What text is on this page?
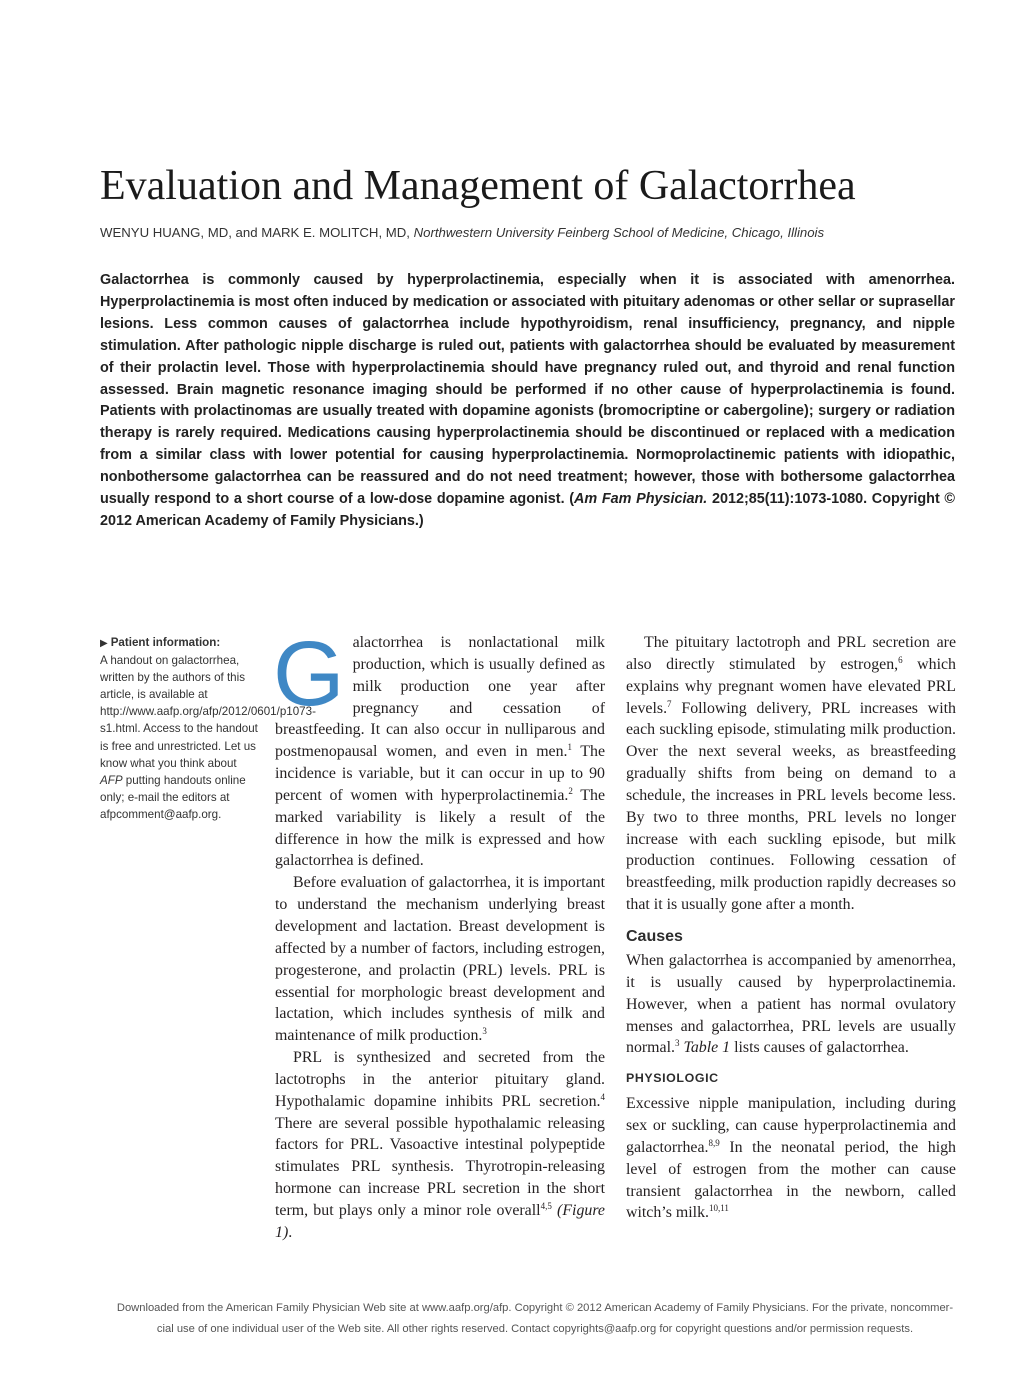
Evaluation and Management of Galactorrhea
WENYU HUANG, MD, and MARK E. MOLITCH, MD, Northwestern University Feinberg School of Medicine, Chicago, Illinois

Galactorrhea is commonly caused by hyperprolactinemia, especially when it is associated with amenorrhea. Hyperprolactinemia is most often induced by medication or associated with pituitary adenomas or other sellar or suprasellar lesions. Less common causes of galactorrhea include hypothyroidism, renal insufficiency, pregnancy, and nipple stimulation. After pathologic nipple discharge is ruled out, patients with galactorrhea should be evaluated by measurement of their prolactin level. Those with hyperprolactinemia should have pregnancy ruled out, and thyroid and renal function assessed. Brain magnetic resonance imaging should be performed if no other cause of hyperprolactinemia is found. Patients with prolactinomas are usually treated with dopamine agonists (bromocriptine or cabergoline); surgery or radiation therapy is rarely required. Medications causing hyperprolactinemia should be discontinued or replaced with a medication from a similar class with lower potential for causing hyperprolactinemia. Normoprolactinemic patients with idiopathic, nonbothersome galactorrhea can be reassured and do not need treatment; however, those with bothersome galactorrhea usually respond to a short course of a low-dose dopamine agonist. (Am Fam Physician. 2012;85(11):1073-1080. Copyright © 2012 American Academy of Family Physicians.)

▶ Patient information:

A handout on galactorrhea, written by the authors of this article, is available at http://www.aafp.org/afp/2012/0601/p1073-s1.html. Access to the handout is free and unrestricted. Let us know what you think about AFP putting handouts online only; e-mail the editors at afpcomment@aafp.org.

Galactorrhea is nonlactational milk production, which is usually defined as milk production one year after pregnancy and cessation of breastfeeding. It can also occur in nulliparous and postmenopausal women, and even in men.$^1$ The incidence is variable, but it can occur in up to 90 percent of women with hyperprolactinemia.$^2$ The marked variability is likely a result of the difference in how the milk is expressed and how galactorrhea is defined.

Before evaluation of galactorrhea, it is important to understand the mechanism underlying breast development and lactation. Breast development is affected by a number of factors, including estrogen, progesterone, and prolactin (PRL) levels. PRL is essential for morphologic breast development and lactation, which includes synthesis of milk and maintenance of milk production.$^3$

PRL is synthesized and secreted from the lactotrophs in the anterior pituitary gland. Hypothalamic dopamine inhibits PRL secretion.$^4$ There are several possible hypothalamic releasing factors for PRL. Vasoactive intestinal polypeptide stimulates PRL synthesis. Thyrotropin-releasing hormone can increase PRL secretion in the short term, but plays only a minor role overall$^{4,5}$ (Figure 1).

The pituitary lactotroph and PRL secretion are also directly stimulated by estrogen,$^6$ which explains why pregnant women have elevated PRL levels.$^7$ Following delivery, PRL increases with each suckling episode, stimulating milk production. Over the next several weeks, as breastfeeding gradually shifts from being on demand to a schedule, the increases in PRL levels become less. By two to three months, PRL levels no longer increase with each suckling episode, but milk production continues. Following cessation of breastfeeding, milk production rapidly decreases so that it is usually gone after a month.

Causes

When galactorrhea is accompanied by amenorrhea, it is usually caused by hyperprolactinemia. However, when a patient has normal ovulatory menses and galactorrhea, PRL levels are usually normal.$^3$ Table 1 lists causes of galactorrhea.

PHYSIOLOGIC

Excessive nipple manipulation, including during sex or suckling, can cause hyperprolactinemia and galactorrhea.$^{8,9}$ In the neonatal period, the high level of estrogen from the mother can cause transient galactorrhea in the newborn, called witch’s milk.$^{10,11}$

Downloaded from the American Family Physician Web site at www.aafp.org/afp. Copyright © 2012 American Academy of Family Physicians. For the private, noncommer-
cial use of one individual user of the Web site. All other rights reserved. Contact copyrights@aafp.org for copyright questions and/or permission requests.
